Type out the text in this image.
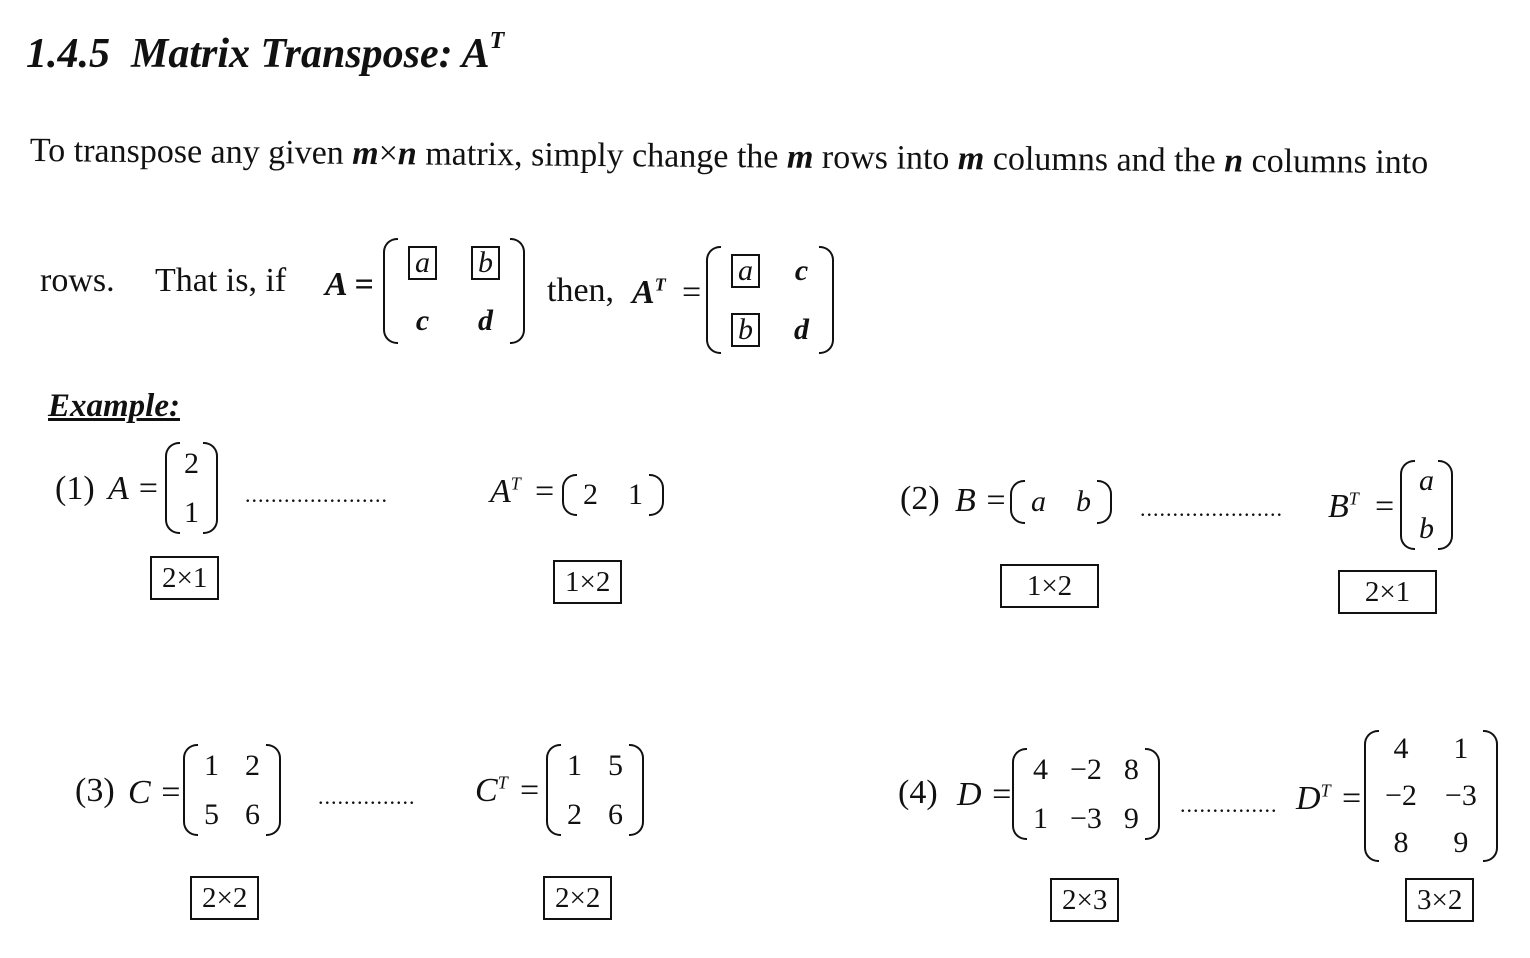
1.4.5 Matrix Transpose: $A^T$
To transpose any given m×n matrix, simply change the m rows into m columns and the n columns into
rows. That is, if A =
a b
c d
then, $A^T$ =
a c
b d
Example:
(1) A =
2
1
......................	$A^T = 2$ 1
2×1	1×2
(2) B = a b ...................... $B^T$ =
a
b
1×2	2×1
(3) C =
1 2
5 6
............... $C^T$ =
1 5
2 6
2×2	2×2
(4) D =
4 −2 8
1 −3 9 ............... $D^T$ =
4 1
−2 −3
8 9
2×3	3×2
